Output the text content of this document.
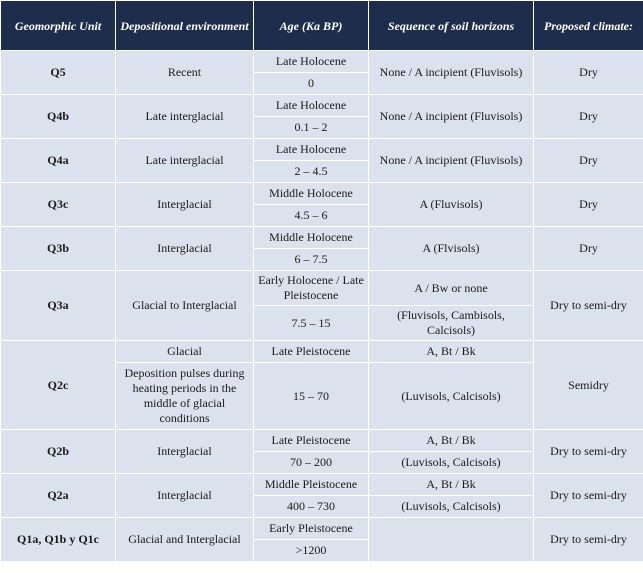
Geomorphic Unit	Depositional environment	Age (Ka BP)	Sequence of soil horizons	Proposed climate:
Q5	Recent	Late Holocene	None / A incipient (Fluvisols)	Dry
		0		
Q4b	Late interglacial	Late Holocene	None / A incipient (Fluvisols)	Dry
		0.1 – 2		
Q4a	Late interglacial	Late Holocene	None / A incipient (Fluvisols)	Dry
		2 – 4.5		
Q3c	Interglacial	Middle Holocene	A (Fluvisols)	Dry
		4.5 – 6		
Q3b	Interglacial	Middle Holocene	A (Flvisols)	Dry
		6 – 7.5		
Q3a	Glacial to Interglacial	Early Holocene / Late Pleistocene	A / Bw or none	Dry to semi-dry
		7.5 – 15	(Fluvisols, Cambisols, Calcisols)	
Q2c	Glacial	Late Pleistocene	A, Bt / Bk	Semidry
	Deposition pulses during heating periods in the middle of glacial conditions	15 – 70	(Luvisols, Calcisols)	
Q2b	Interglacial	Late Pleistocene	A, Bt / Bk	Dry to semi-dry
		70 – 200	(Luvisols, Calcisols)	
Q2a	Interglacial	Middle Pleistocene	A, Bt / Bk	Dry to semi-dry
		400 – 730	(Luvisols, Calcisols)	
Q1a, Q1b y Q1c	Glacial and Interglacial	Early Pleistocene		Dry to semi-dry
		>1200		
